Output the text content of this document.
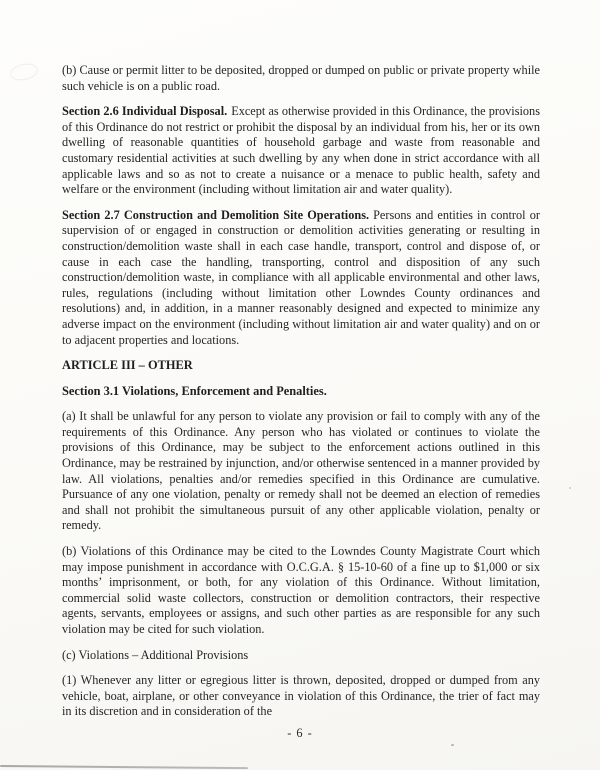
(b) Cause or permit litter to be deposited, dropped or dumped on public or private property while such vehicle is on a public road.

Section 2.6 Individual Disposal. Except as otherwise provided in this Ordinance, the provisions of this Ordinance do not restrict or prohibit the disposal by an individual from his, her or its own dwelling of reasonable quantities of household garbage and waste from reasonable and customary residential activities at such dwelling by any when done in strict accordance with all applicable laws and so as not to create a nuisance or a menace to public health, safety and welfare or the environment (including without limitation air and water quality).

Section 2.7 Construction and Demolition Site Operations. Persons and entities in control or supervision of or engaged in construction or demolition activities generating or resulting in construction/demolition waste shall in each case handle, transport, control and dispose of, or cause in each case the handling, transporting, control and disposition of any such construction/demolition waste, in compliance with all applicable environmental and other laws, rules, regulations (including without limitation other Lowndes County ordinances and resolutions) and, in addition, in a manner reasonably designed and expected to minimize any adverse impact on the environment (including without limitation air and water quality) and on or to adjacent properties and locations.

ARTICLE III – OTHER

Section 3.1 Violations, Enforcement and Penalties.

(a) It shall be unlawful for any person to violate any provision or fail to comply with any of the requirements of this Ordinance. Any person who has violated or continues to violate the provisions of this Ordinance, may be subject to the enforcement actions outlined in this Ordinance, may be restrained by injunction, and/or otherwise sentenced in a manner provided by law. All violations, penalties and/or remedies specified in this Ordinance are cumulative. Pursuance of any one violation, penalty or remedy shall not be deemed an election of remedies and shall not prohibit the simultaneous pursuit of any other applicable violation, penalty or remedy.

(b) Violations of this Ordinance may be cited to the Lowndes County Magistrate Court which may impose punishment in accordance with O.C.G.A. § 15-10-60 of a fine up to $1,000 or six months’ imprisonment, or both, for any violation of this Ordinance. Without limitation, commercial solid waste collectors, construction or demolition contractors, their respective agents, servants, employees or assigns, and such other parties as are responsible for any such violation may be cited for such violation.

(c) Violations – Additional Provisions

(1) Whenever any litter or egregious litter is thrown, deposited, dropped or dumped from any vehicle, boat, airplane, or other conveyance in violation of this Ordinance, the trier of fact may in its discretion and in consideration of the

- 6 -
